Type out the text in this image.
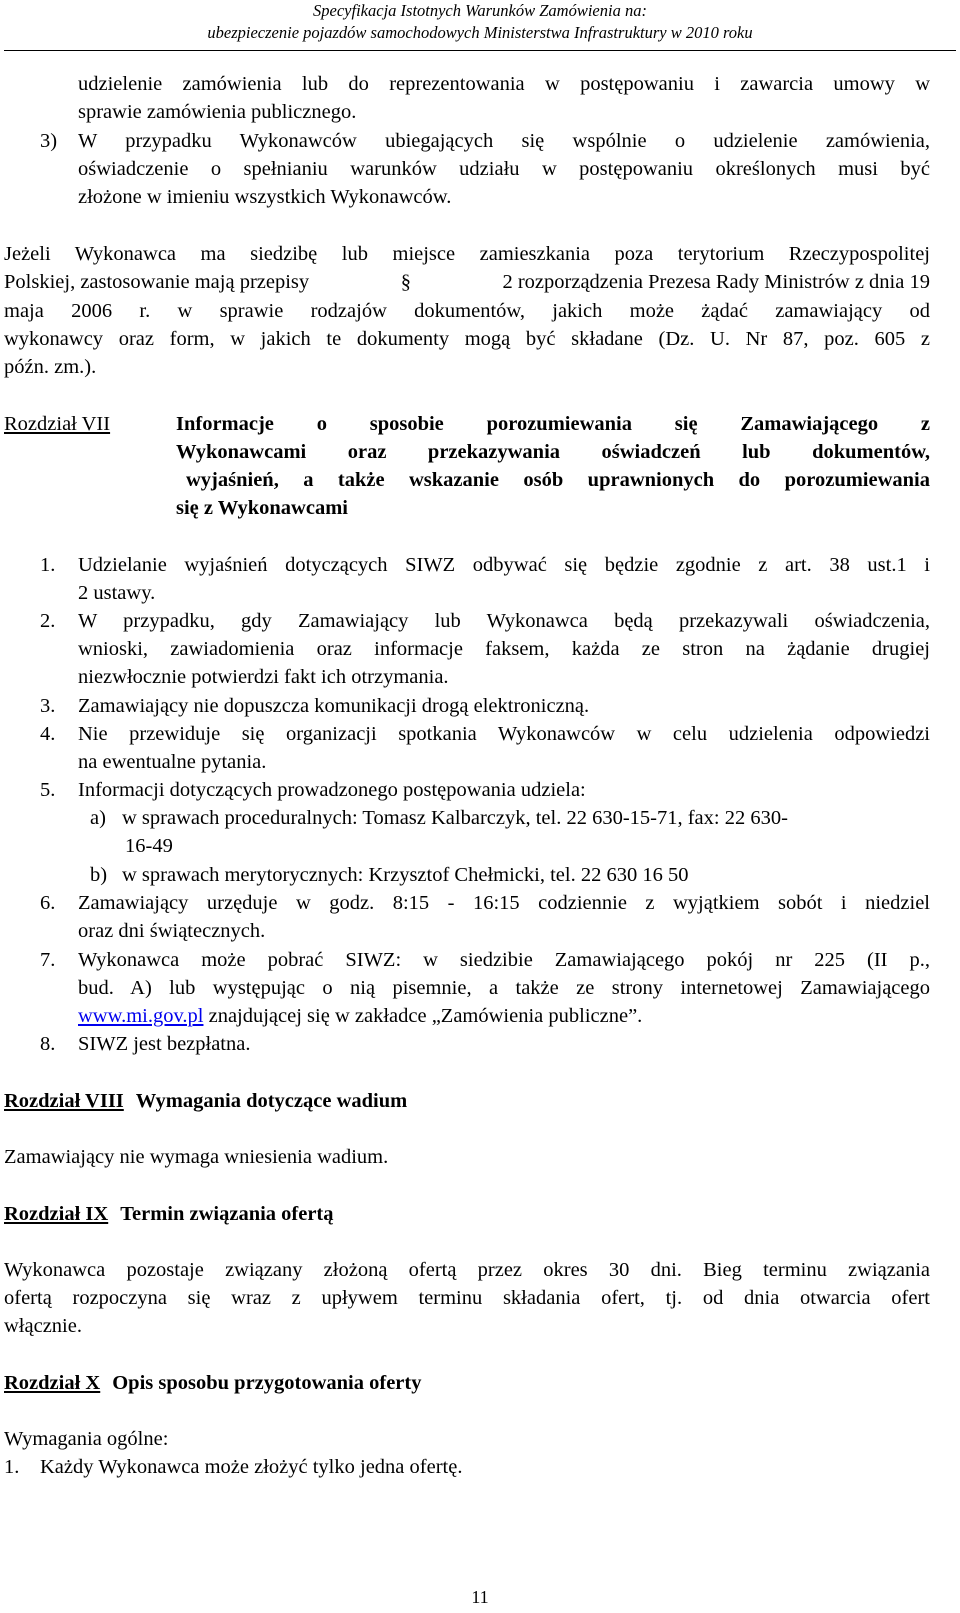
Specyfikacja Istotnych Warunków Zamówienia na:
ubezpieczenie pojazdów samochodowych Ministerstwa Infrastruktury w 2010 roku
udzielenie zamówienia lub do reprezentowania w postępowaniu i zawarcia umowy w
sprawie zamówienia publicznego.
3) W przypadku Wykonawców ubiegających się wspólnie o udzielenie zamówienia,
oświadczenie o spełnianiu warunków udziału w postępowaniu określonych musi być
złożone w imieniu wszystkich Wykonawców.
Jeżeli Wykonawca ma siedzibę lub miejsce zamieszkania poza terytorium Rzeczypospolitej
Polskiej, zastosowanie mają przepisy	§	2 rozporządzenia Prezesa Rady Ministrów z dnia 19
maja 2006 r. w sprawie rodzajów dokumentów, jakich może żądać zamawiający od
wykonawcy oraz form, w jakich te dokumenty mogą być składane (Dz. U. Nr 87, poz. 605 z
późn. zm.).
Rozdział VII	Informacje o sposobie porozumiewania się Zamawiającego z
Wykonawcami oraz przekazywania oświadczeń lub dokumentów,
wyjaśnień, a także wskazanie osób uprawnionych do porozumiewania
się z Wykonawcami
1. Udzielanie wyjaśnień dotyczących SIWZ odbywać się będzie zgodnie z art. 38 ust.1 i
2 ustawy.
2. W przypadku, gdy Zamawiający lub Wykonawca będą przekazywali oświadczenia,
wnioski, zawiadomienia oraz informacje faksem, każda ze stron na żądanie drugiej
niezwłocznie potwierdzi fakt ich otrzymania.
3. Zamawiający nie dopuszcza komunikacji drogą elektroniczną.
4. Nie przewiduje się organizacji spotkania Wykonawców w celu udzielenia odpowiedzi
na ewentualne pytania.
5. Informacji dotyczących prowadzonego postępowania udziela:
a) w sprawach proceduralnych: Tomasz Kalbarczyk, tel. 22 630-15-71, fax: 22 630-
16-49
b) w sprawach merytorycznych: Krzysztof Chełmicki, tel. 22 630 16 50
6. Zamawiający urzęduje w godz. 8:15 - 16:15 codziennie z wyjątkiem sobót i niedziel
oraz dni świątecznych.
7. Wykonawca może pobrać SIWZ: w siedzibie Zamawiającego pokój nr 225 (II p.,
bud. A) lub występując o nią pisemnie, a także ze strony internetowej Zamawiającego
www.mi.gov.pl znajdującej się w zakładce „Zamówienia publiczne”.
8. SIWZ jest bezpłatna.
Rozdział VIII Wymagania dotyczące wadium
Zamawiający nie wymaga wniesienia wadium.
Rozdział IX Termin związania ofertą
Wykonawca pozostaje związany złożoną ofertą przez okres 30 dni. Bieg terminu związania
ofertą rozpoczyna się wraz z upływem terminu składania ofert, tj. od dnia otwarcia ofert
włącznie.
Rozdział X Opis sposobu przygotowania oferty
Wymagania ogólne:
1. Każdy Wykonawca może złożyć tylko jedna ofertę.
11
